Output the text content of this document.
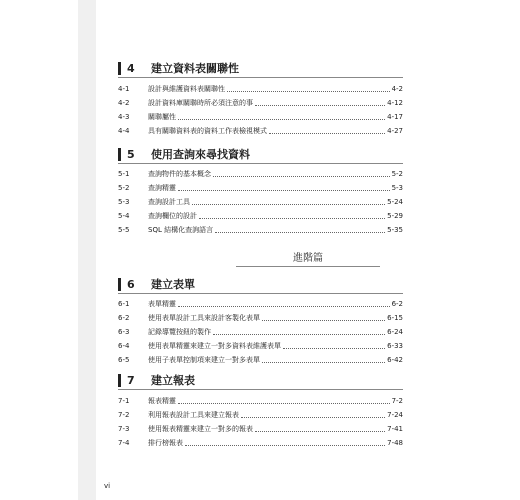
4	建立資料表關聯性
4-1	設計與維護資料表關聯性	4-2
4-2	設計資料庫關聯時所必須注意的事	4-12
4-3	關聯屬性	4-17
4-4	具有關聯資料表的資料工作表檢視模式	4-27
5	使用查詢來尋找資料
5-1	查詢物件的基本概念	5-2
5-2	查詢精靈	5-3
5-3	查詢設計工具	5-24
5-4	查詢欄位的設計	5-29
5-5	SQL 結構化查詢語言	5-35
進階篇
6	建立表單
6-1	表單精靈	6-2
6-2	使用表單設計工具來設計客製化表單	6-15
6-3	記錄導覽按鈕的製作	6-24
6-4	使用表單精靈來建立一對多資料表維護表單	6-33
6-5	使用子表單控制項來建立一對多表單	6-42
7	建立報表
7-1	報表精靈	7-2
7-2	利用報表設計工具來建立報表	7-24
7-3	使用報表精靈來建立一對多的報表	7-41
7-4	排行榜報表	7-48
vi
